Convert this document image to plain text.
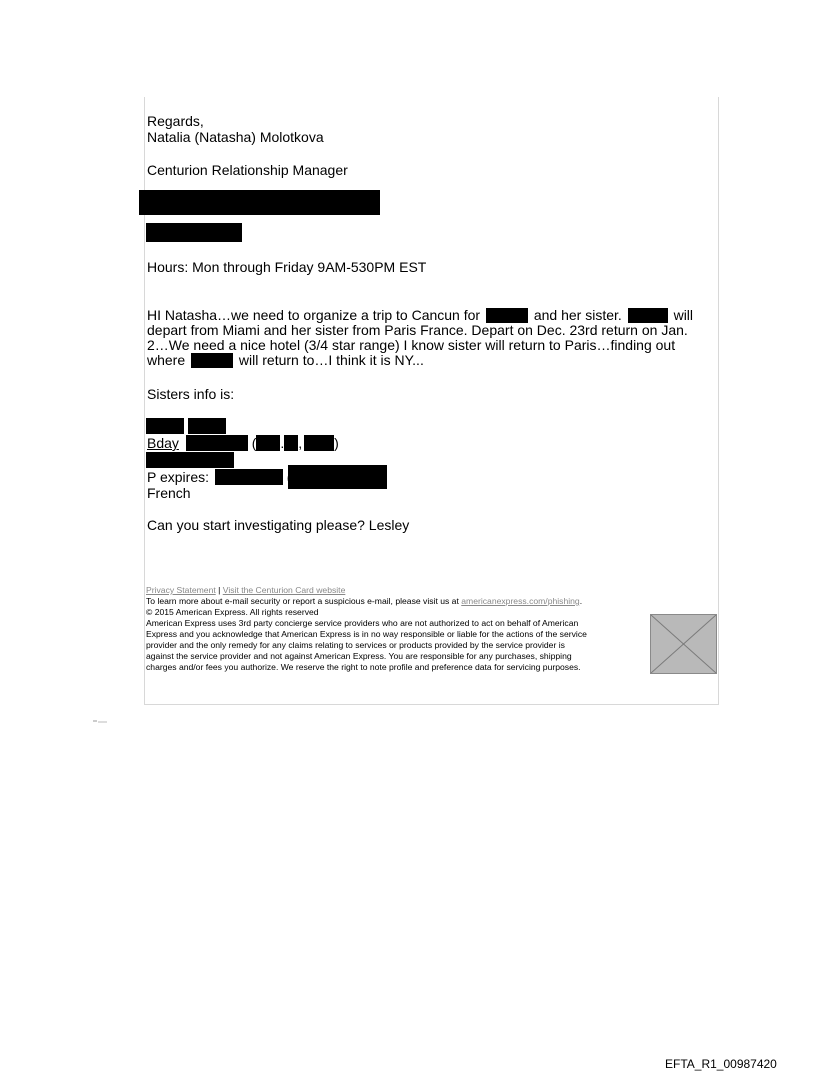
Regards,
Natalia (Natasha) Molotkova
Centurion Relationship Manager
Hours: Mon through Friday 9AM-530PM EST
HI Natasha…we need to organize a trip to Cancun for	and her sister.	will
depart from Miami and her sister from Paris France. Depart on Dec. 23rd return on Jan.
2…We need a nice hotel (3/4 star range) I know sister will return to Paris…finding out
where	will return to…I think it is NY...
Sisters info is:
Bday	( . , )
P expires:
French
Can you start investigating please? Lesley
Privacy Statement | Visit the Centurion Card website
To learn more about e-mail security or report a suspicious e-mail, please visit us at americanexpress.com/phishing.
© 2015 American Express. All rights reserved
American Express uses 3rd party concierge service providers who are not authorized to act on behalf of American
Express and you acknowledge that American Express is in no way responsible or liable for the actions of the service
provider and the only remedy for any claims relating to services or products provided by the service provider is
against the service provider and not against American Express. You are responsible for any purchases, shipping
charges and/or fees you authorize. We reserve the right to note profile and preference data for servicing purposes.
EFTA_R1_00987420
